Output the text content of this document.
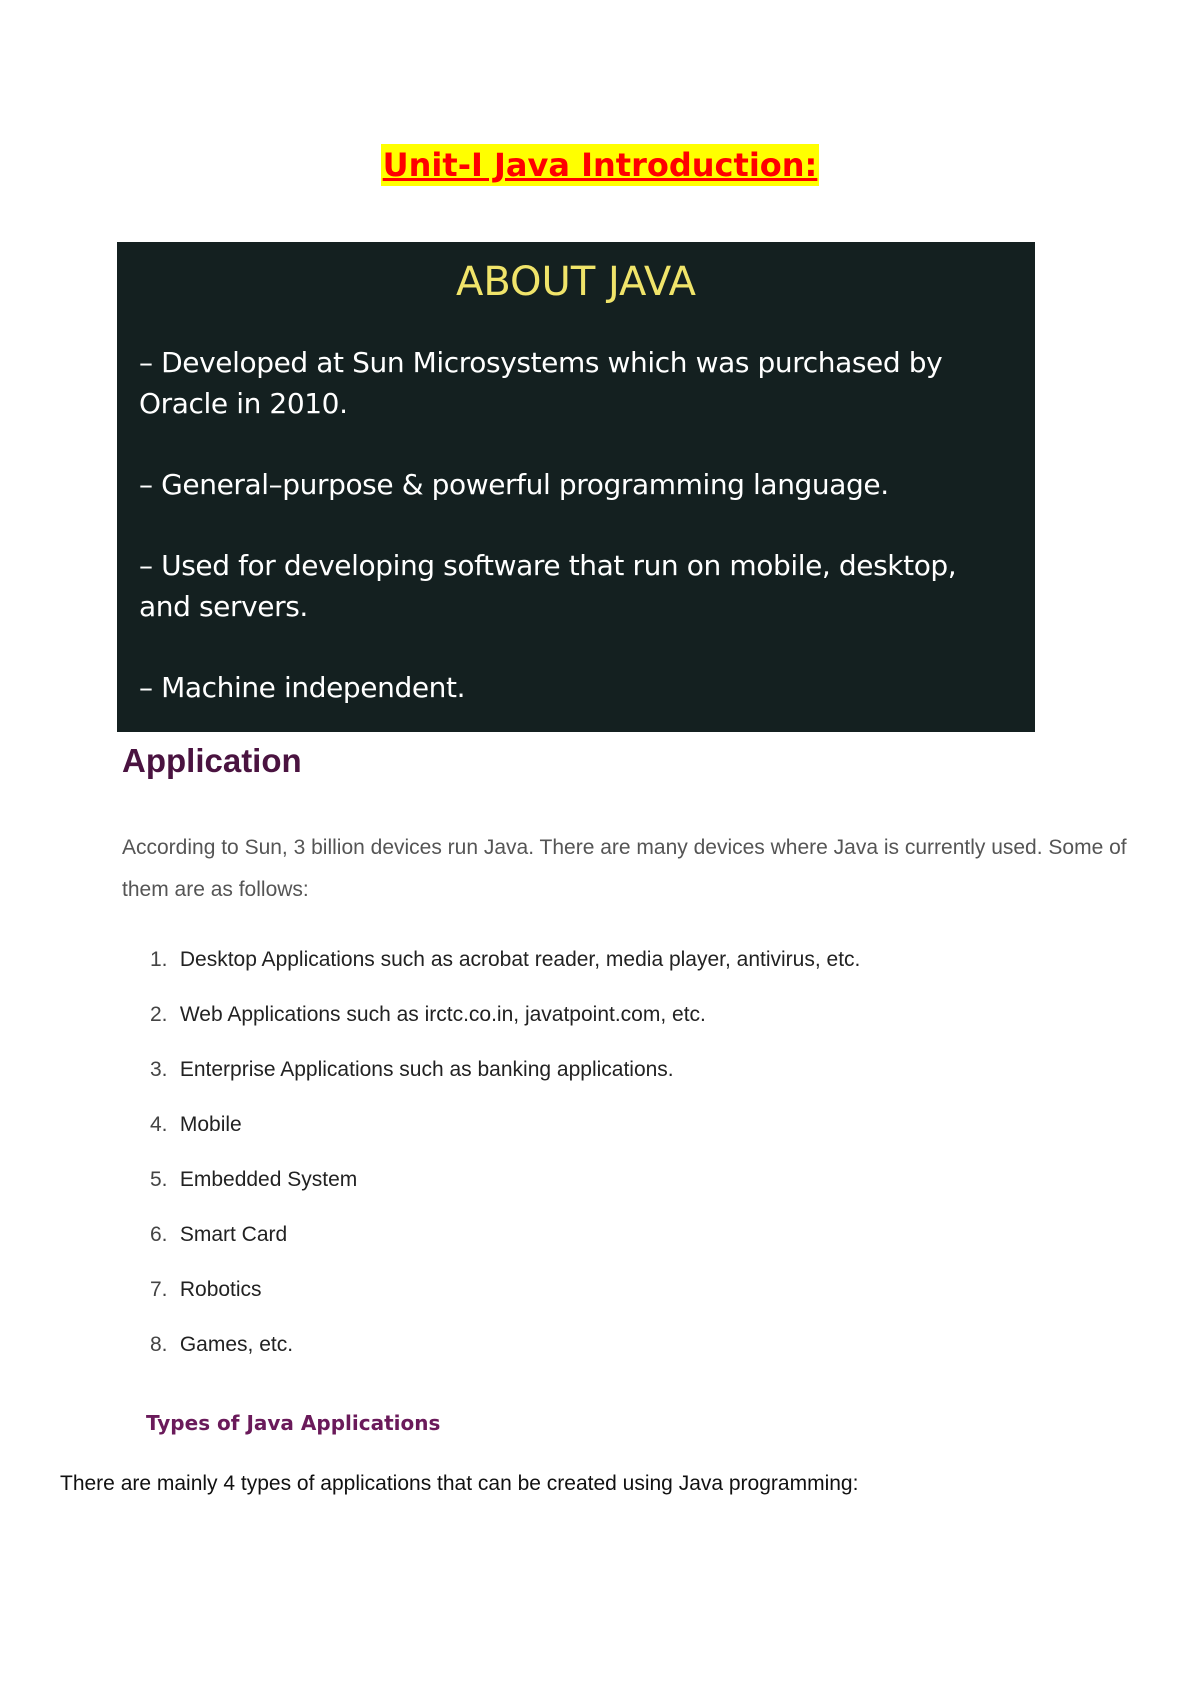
Unit-I Java Introduction:

ABOUT JAVA

– Developed at Sun Microsystems which was purchased by Oracle in 2010.

– General–purpose & powerful programming language.

– Used for developing software that run on mobile, desktop, and servers.

– Machine independent.

Application

According to Sun, 3 billion devices run Java. There are many devices where Java is currently used. Some of them are as follows:

1. Desktop Applications such as acrobat reader, media player, antivirus, etc.
2. Web Applications such as irctc.co.in, javatpoint.com, etc.
3. Enterprise Applications such as banking applications.
4. Mobile
5. Embedded System
6. Smart Card
7. Robotics
8. Games, etc.
Types of Java Applications

There are mainly 4 types of applications that can be created using Java programming:
